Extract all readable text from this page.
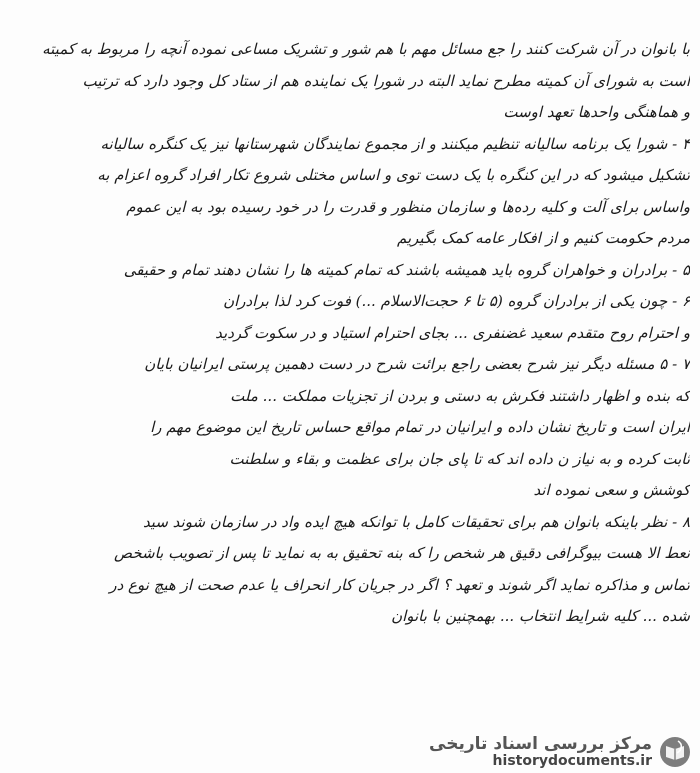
با بانوان در آن شرکت کنند را جع مسائل مهم با هم شور و تشریک مساعی نموده آنچه را مربوط به کمیته
است به شورای آن کمیته مطرح نماید البته در شورا یک نماینده هم از ستاد کل وجود دارد که ترتیب
و هماهنگی واحدها تعهد اوست
۴ - شورا یک برنامه سالیانه تنظیم میکنند و از مجموع نمایندگان شهرستانها نیز یک کنگره سالیانه
تشکیل میشود که در این کنگره با یک دست توی و اساس مختلی شروع تکار افراد گروه اعزام به
واساس برای آلت و کلیه رده‌ها و سازمان منظور و قدرت را در خود رسیده بود به این عموم
مردم حکومت کنیم و از افکار عامه کمک بگیریم
۵ - برادران و خواهران گروه باید همیشه باشند که تمام کمیته ها را نشان دهند تمام و حقیقی
۶ - چون یکی از برادران گروه (۵ تا ۶ حجت‌الاسلام ...) فوت کرد لذا برادران
و احترام روح متقدم سعید غضنفری ... بجای احترام استیاد و در سکوت گردید
۷ - ۵ مسئله دیگر نیز شرح بعضی راجع برائت شرح در دست دهمین پرستی ایرانیان بایان
که بنده و اظهار داشتند فکرش به دستی و بردن از تجزیات مملکت ... ملت
ایران است و تاریخ نشان داده و ایرانیان در تمام مواقع حساس تاریخ این موضوع مهم را
ثابت کرده و به نیاز ن داده اند که تا پای جان برای عظمت و بقاء و سلطنت
کوشش و سعی نموده اند
۸ - نظر باینکه بانوان هم برای تحقیقات کامل با توانکه هیچ ایده واد در سازمان شوند سید
نعط الا هست بیوگرافی دقیق هر شخص را که بنه تحقیق به به نماید تا پس از تصویب باشخص
تماس و مذاکره نماید اگر شوند و تعهد ؟ اگر در جریان کار انحراف یا عدم صحت از هیچ نوع در
شده ... کلیه شرایط انتخاب ... بهمچنین با بانوان
مرکز بررسی اسناد تاریخی
historydocuments.ir
